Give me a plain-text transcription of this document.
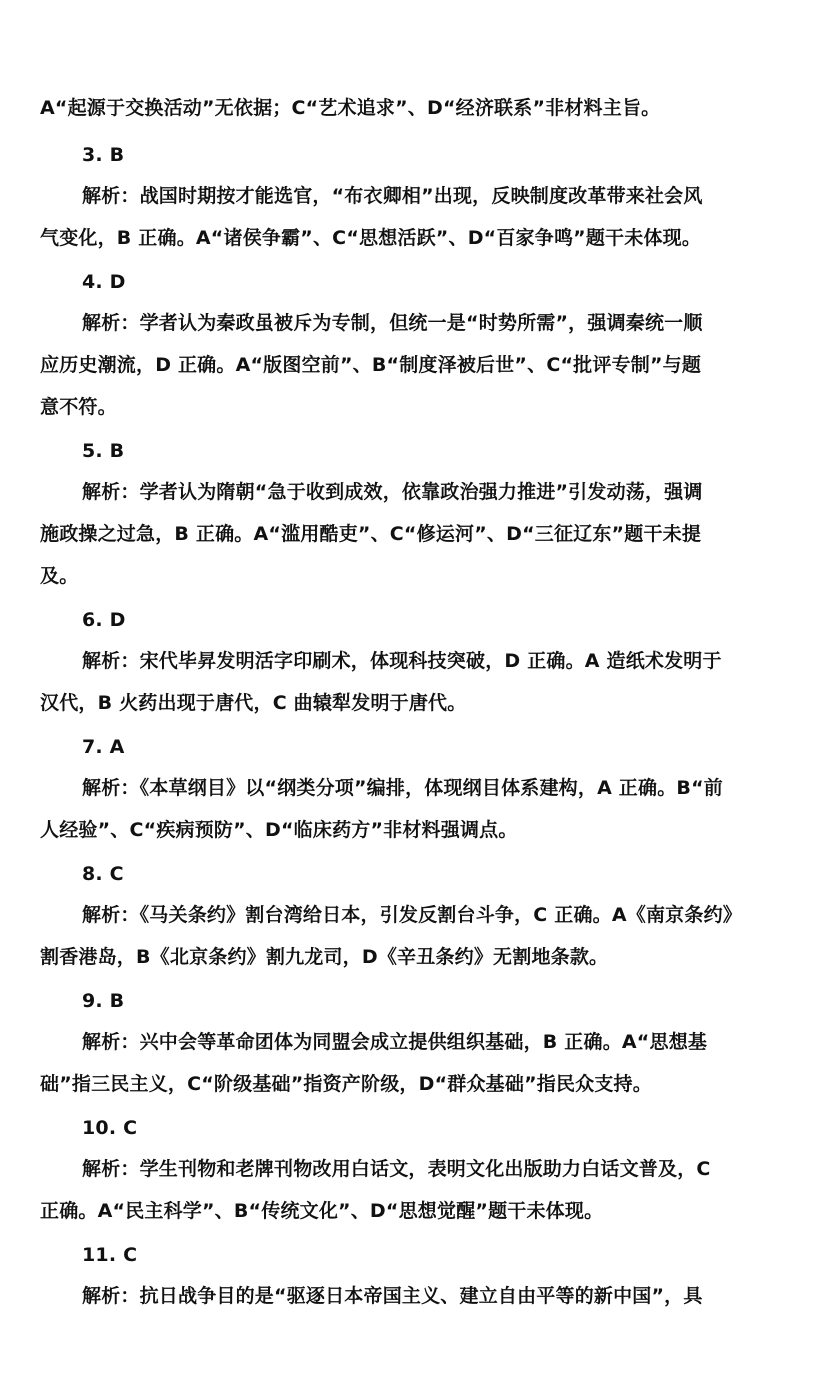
A“起源于交换活动”无依据；C“艺术追求”、D“经济联系”非材料主旨。
3. B
解析：战国时期按才能选官，“布衣卿相”出现，反映制度改革带来社会风
气变化，B 正确。A“诸侯争霸”、C“思想活跃”、D“百家争鸣”题干未体现。
4. D
解析：学者认为秦政虽被斥为专制，但统一是“时势所需”，强调秦统一顺
应历史潮流，D 正确。A“版图空前”、B“制度泽被后世”、C“批评专制”与题
意不符。
5. B
解析：学者认为隋朝“急于收到成效，依靠政治强力推进”引发动荡，强调
施政操之过急，B 正确。A“滥用酷吏”、C“修运河”、D“三征辽东”题干未提
及。
6. D
解析：宋代毕昇发明活字印刷术，体现科技突破，D 正确。A 造纸术发明于
汉代，B 火药出现于唐代，C 曲辕犁发明于唐代。
7. A
解析：《本草纲目》以“纲类分项”编排，体现纲目体系建构，A 正确。B“前
人经验”、C“疾病预防”、D“临床药方”非材料强调点。
8. C
解析：《马关条约》割台湾给日本，引发反割台斗争，C 正确。A《南京条约》
割香港岛，B《北京条约》割九龙司，D《辛丑条约》无割地条款。
9. B
解析：兴中会等革命团体为同盟会成立提供组织基础，B 正确。A“思想基
础”指三民主义，C“阶级基础”指资产阶级，D“群众基础”指民众支持。
10. C
解析：学生刊物和老牌刊物改用白话文，表明文化出版助力白话文普及，C
正确。A“民主科学”、B“传统文化”、D“思想觉醒”题干未体现。
11. C
解析：抗日战争目的是“驱逐日本帝国主义、建立自由平等的新中国”，具
